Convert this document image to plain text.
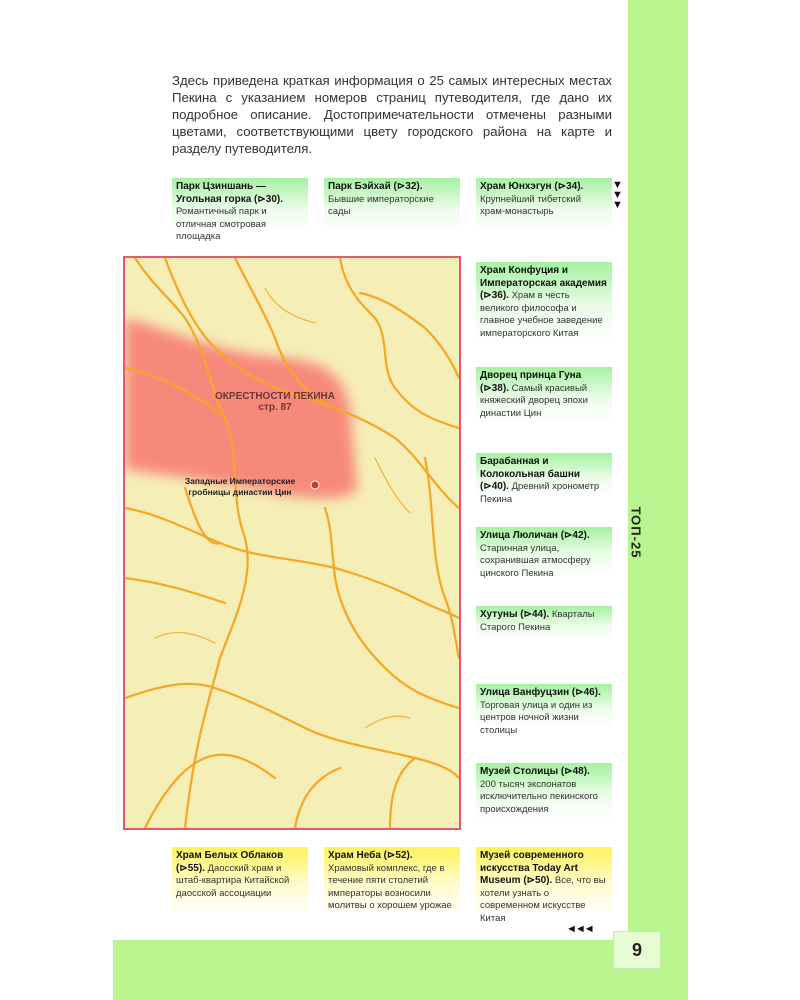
ТОП-25
9
Здесь приведена краткая информация о 25 самых интересных местах Пекина с указанием номеров страниц путеводителя, где дано их подробное описание. Достопримечательности отмечены разными цветами, соответствующими цвету городского района на карте и разделу путеводителя.
Парк Цзиншань — Угольная горка (⊳30). Романтичный парк и отличная смотровая площадка
Парк Бэйхай (⊳32). Бывшие императорские сады
Храм Юнхэгун (⊳34). Крупнейший тибетский храм-монастырь
▼▼▼
Храм Конфуция и Императорская академия (⊳36). Храм в честь великого философа и главное учебное заведение императорского Китая
Дворец принца Гуна (⊳38). Самый красивый княжеский дворец эпохи династии Цин
Барабанная и Колокольная башни (⊳40). Древний хронометр Пекина
Улица Люличан (⊳42). Старинная улица, сохранившая атмосферу цинского Пекина
Хутуны (⊳44). Кварталы Старого Пекина
Улица Ванфуцзин (⊳46). Торговая улица и один из центров ночной жизни столицы
Музей Столицы (⊳48). 200 тысяч экспонатов исключительно пекинского происхождения
Храм Белых Облаков (⊳55). Даосский храм и штаб-квартира Китайской даосской ассоциации
Храм Неба (⊳52). Храмовый комплекс, где в течение пяти столетий императоры возносили молитвы о хорошем урожае
Музей современного искусства Today Art Museum (⊳50). Все, что вы хотели узнать о современном искусстве Китая
◄◄◄
ОКРЕСТНОСТИ ПЕКИНА
стр. 87
Западные Императорские
гробницы династии Цин
